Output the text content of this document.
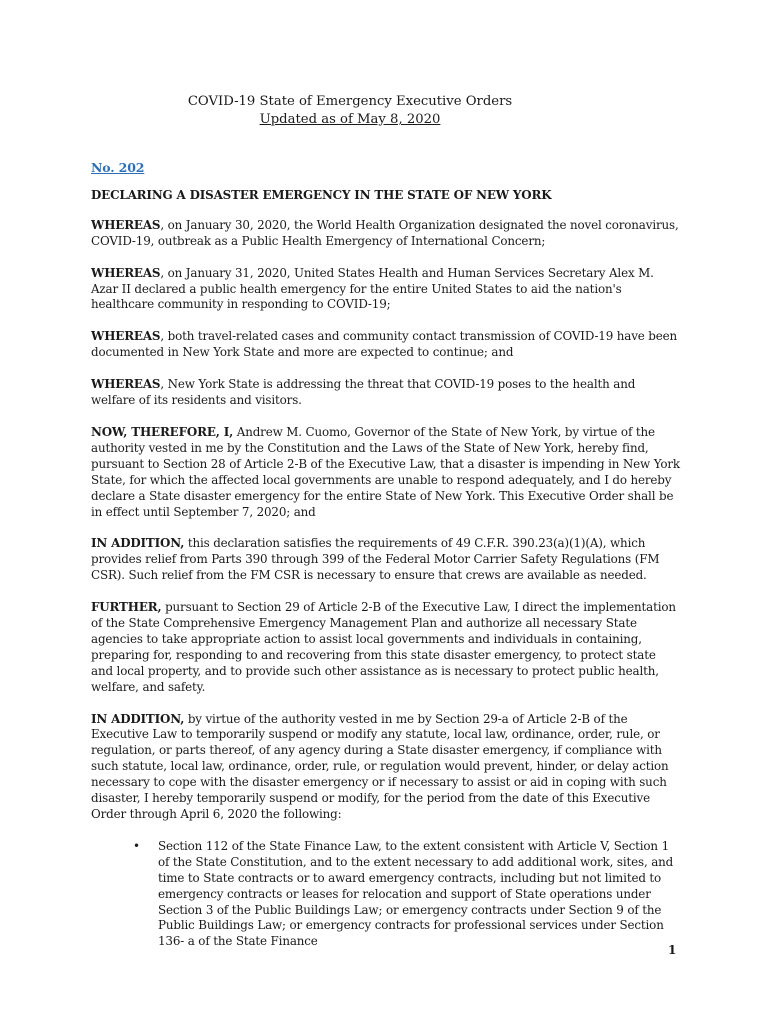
COVID-19 State of Emergency Executive Orders
Updated as of May 8, 2020
No. 202
DECLARING A DISASTER EMERGENCY IN THE STATE OF NEW YORK

WHEREAS, on January 30, 2020, the World Health Organization designated the novel coronavirus, COVID-19, outbreak as a Public Health Emergency of International Concern;

WHEREAS, on January 31, 2020, United States Health and Human Services Secretary Alex M. Azar II declared a public health emergency for the entire United States to aid the nation's healthcare community in responding to COVID-19;

WHEREAS, both travel-related cases and community contact transmission of COVID-19 have been documented in New York State and more are expected to continue; and

WHEREAS, New York State is addressing the threat that COVID-19 poses to the health and welfare of its residents and visitors.

NOW, THEREFORE, I, Andrew M. Cuomo, Governor of the State of New York, by virtue of the authority vested in me by the Constitution and the Laws of the State of New York, hereby find, pursuant to Section 28 of Article 2-B of the Executive Law, that a disaster is impending in New York State, for which the affected local governments are unable to respond adequately, and I do hereby declare a State disaster emergency for the entire State of New York. This Executive Order shall be in effect until September 7, 2020; and

IN ADDITION, this declaration satisfies the requirements of 49 C.F.R. 390.23(a)(1)(A), which provides relief from Parts 390 through 399 of the Federal Motor Carrier Safety Regulations (FM CSR). Such relief from the FM CSR is necessary to ensure that crews are available as needed.

FURTHER, pursuant to Section 29 of Article 2-B of the Executive Law, I direct the implementation of the State Comprehensive Emergency Management Plan and authorize all necessary State agencies to take appropriate action to assist local governments and individuals in containing, preparing for, responding to and recovering from this state disaster emergency, to protect state and local property, and to provide such other assistance as is necessary to protect public health, welfare, and safety.

IN ADDITION, by virtue of the authority vested in me by Section 29-a of Article 2-B of the Executive Law to temporarily suspend or modify any statute, local law, ordinance, order, rule, or regulation, or parts thereof, of any agency during a State disaster emergency, if compliance with such statute, local law, ordinance, order, rule, or regulation would prevent, hinder, or delay action necessary to cope with the disaster emergency or if necessary to assist or aid in coping with such disaster, I hereby temporarily suspend or modify, for the period from the date of this Executive Order through April 6, 2020 the following:

• Section 112 of the State Finance Law, to the extent consistent with Article V, Section 1 of the State Constitution, and to the extent necessary to add additional work, sites, and time to State contracts or to award emergency contracts, including but not limited to emergency contracts or leases for relocation and support of State operations under Section 3 of the Public Buildings Law; or emergency contracts under Section 9 of the Public Buildings Law; or emergency contracts for professional services under Section 136- a of the State Finance
1
